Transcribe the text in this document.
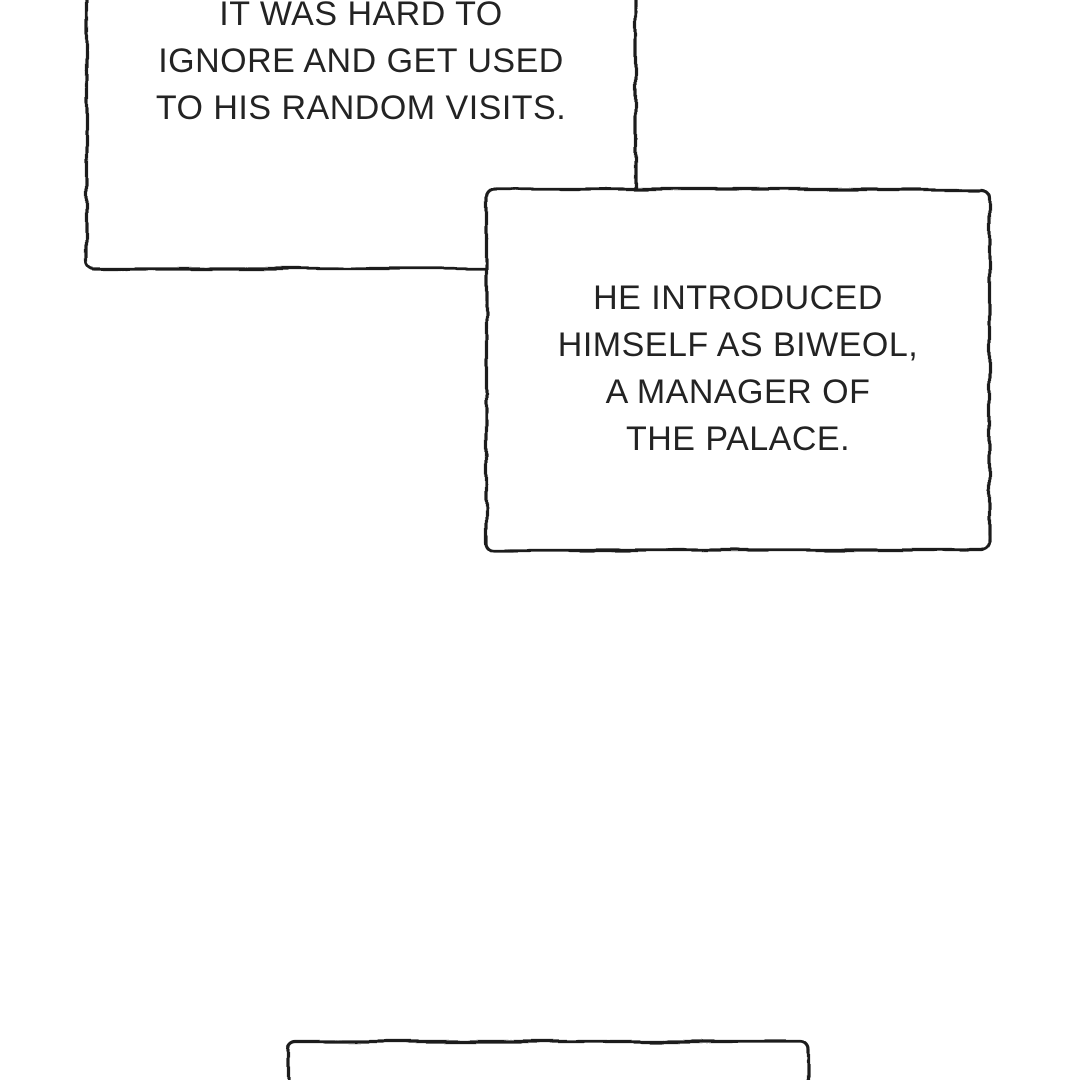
IT WAS HARD TO
IGNORE AND GET USED
TO HIS RANDOM VISITS.
HE INTRODUCED
HIMSELF AS BIWEOL,
A MANAGER OF
THE PALACE.
